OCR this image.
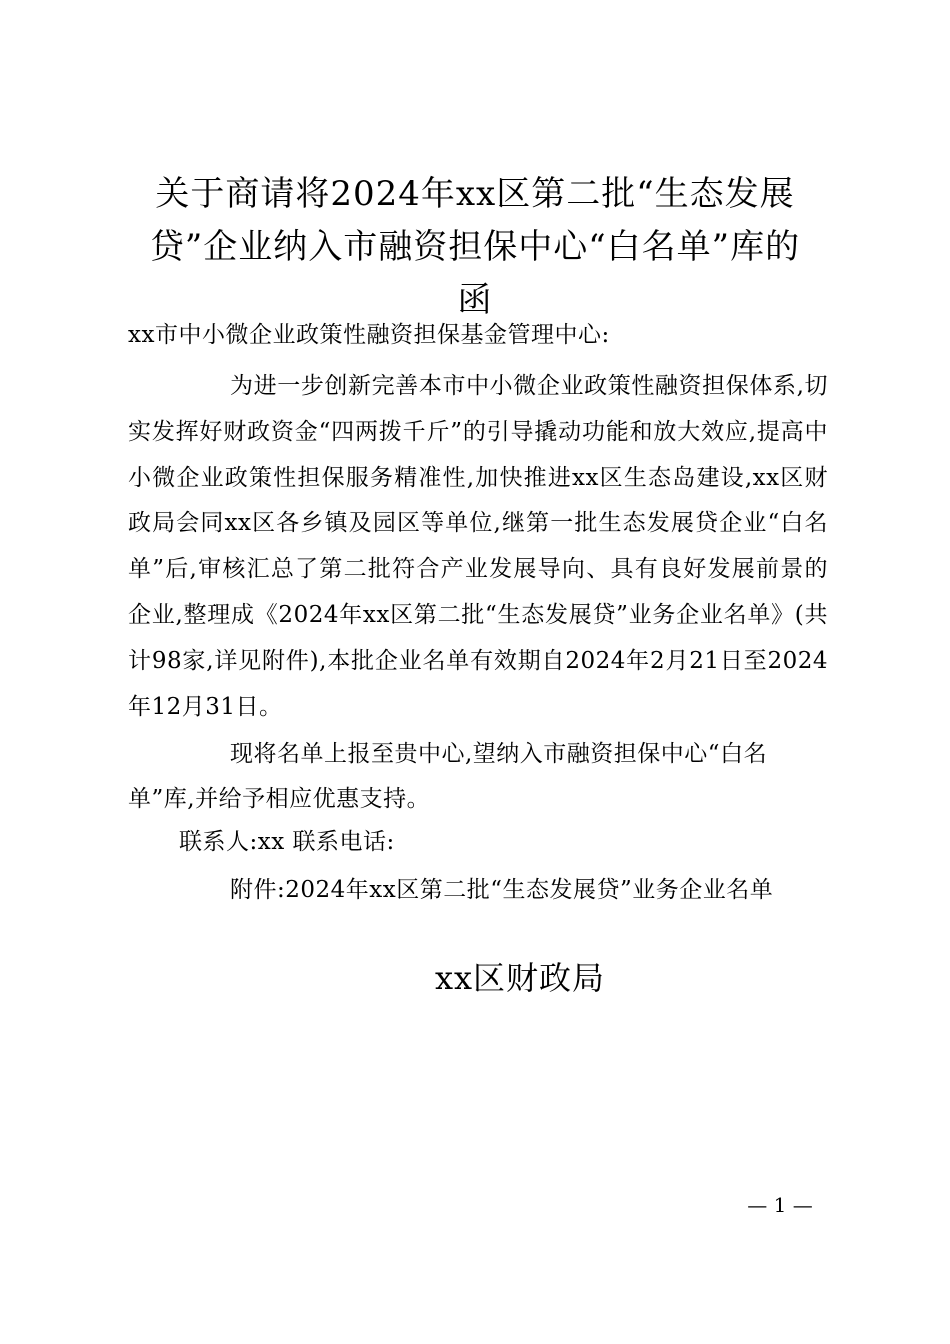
关于商请将2024年xx区第二批“生态发展
贷”企业纳入市融资担保中心“白名单”库的
函
xx市中小微企业政策性融资担保基金管理中心:
为进一步创新完善本市中小微企业政策性融资担保体系,切实发挥好财政资金“四两拨千斤”的引导撬动功能和放大效应,提高中小微企业政策性担保服务精准性,加快推进xx区生态岛建设,xx区财政局会同xx区各乡镇及园区等单位,继第一批生态发展贷企业“白名单”后,审核汇总了第二批符合产业发展导向、具有良好发展前景的企业,整理成《2024年xx区第二批“生态发展贷”业务企业名单》(共计98家,详见附件),本批企业名单有效期自2024年2月21日至2024年12月31日。
现将名单上报至贵中心,望纳入市融资担保中心“白名单”库,并给予相应优惠支持。
联系人:xx 联系电话:
附件:2024年xx区第二批“生态发展贷”业务企业名单
xx区财政局
— 1 —
